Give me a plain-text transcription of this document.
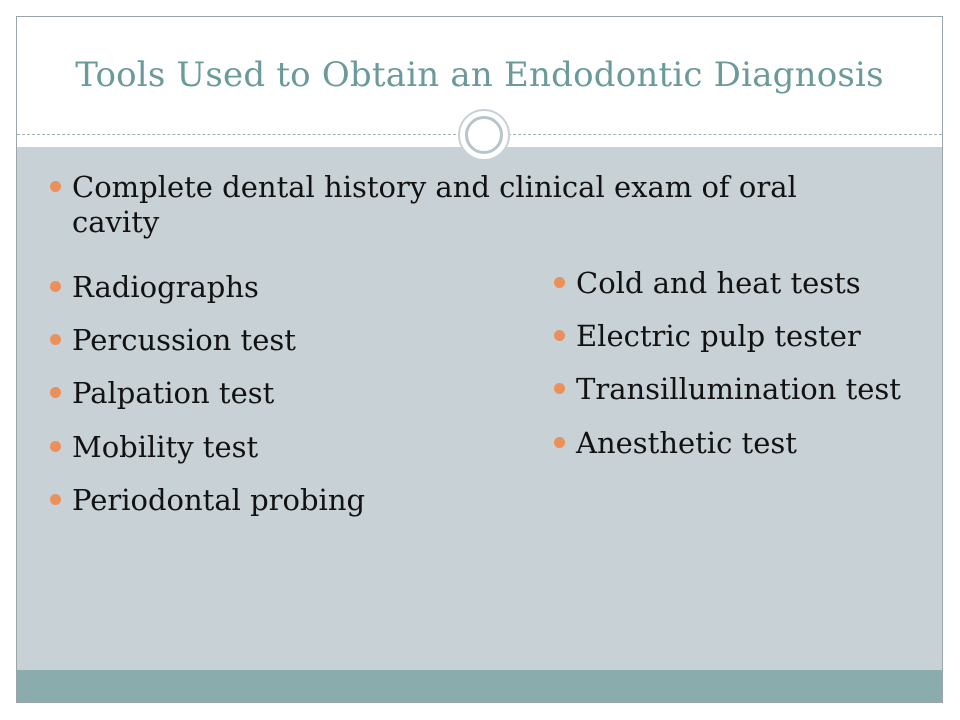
Tools Used to Obtain an Endodontic Diagnosis
Complete dental history and clinical exam of oral cavity
Radiographs
Percussion test
Palpation test
Mobility test
Periodontal probing
Cold and heat tests
Electric pulp tester
Transillumination test
Anesthetic test
